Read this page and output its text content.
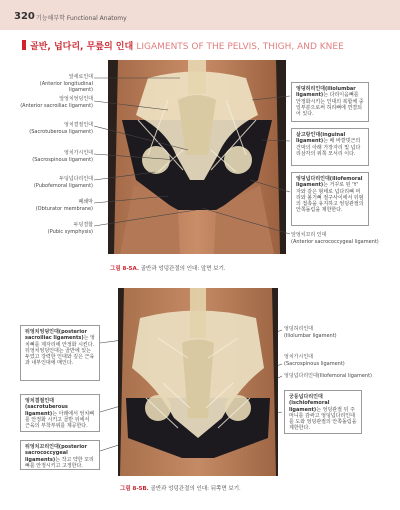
320 기능해부학 Functional Anatomy
골반, 넙다리, 무릎의 인대 LIGAMENTS OF THE PELVIS, THIGH, AND KNEE
앞세로인대
(Anterior longitudinal ligament)
앞엉치엉덩인대
(Anterior sacroiliac ligament)
엉치결절인대
(Sacrotuberous ligament)
엉치가시인대
(Sacrospinous ligament)
두덩넙다리인대
(Pubofemoral ligament)
폐쇄막
(Obturator membrane)
두덩결합
(Pubic symphysis)
엉덩허리인대(iliolumbar ligament)는 다리이음뼈를 안정화시키는 인대의 복합체 중 일부분으로써 허리뼈에 연결되어 있다.
샅고랑인대(inguinal ligament)는 배 바깥빗근의 건막의 아래 가장자리 및 넙다리삼각의 위쪽 모서리 이다.
엉덩넙다리인대(iliofemoral ligament)는 거꾸로 된 'Y' 자와 같은 형태로 넙다리뼈 머리와 볼기뼈 절구사이에서 뒤펌의 접촉을 유지하고 엉덩관절의 안쪽돌림을 제한한다.
앞엉치꼬리 인대
(Anterior sacrococcygeal ligament)
그림 8-5A. 골반과 엉덩관절의 인대: 앞면 보기.
뒤엉치엉덩인대(posterior sacroiliac ligaments)는 엉치뼈를 제자리에 안정화 시킨다. 뒤엉치엉덩인대는 골반에 있는 두었고 강력한 인대와 깊은 근육과 내부인대에 매인다.
엉치결절인대(sacrotuberous ligament)는 아래에서 엉치뼈를 안정화 시키고 골반 뒤에서 근육의 부착부위를 제공한다.
뒤엉치꼬리인대(posterior sacrococcygeal ligaments)는 작고 약한 꼬리뼈를 안정시키고 고정한다.
엉덩허리인대
(Iliolumbar ligament)
엉치가시인대
(Sacrospinous ligament)
엉덩넙다리인대(Iliofemoral ligament)
궁둥넙다리인대(ischiofemoral ligament)는 엉덩관절 뒤 주머니를 감싸고 엉덩넙다리인대를 도와 엉덩관절의 안쪽돌림을 제한한다.
그림 8-5B. 골반과 엉덩관절의 인대: 뒤쪽면 보기.
